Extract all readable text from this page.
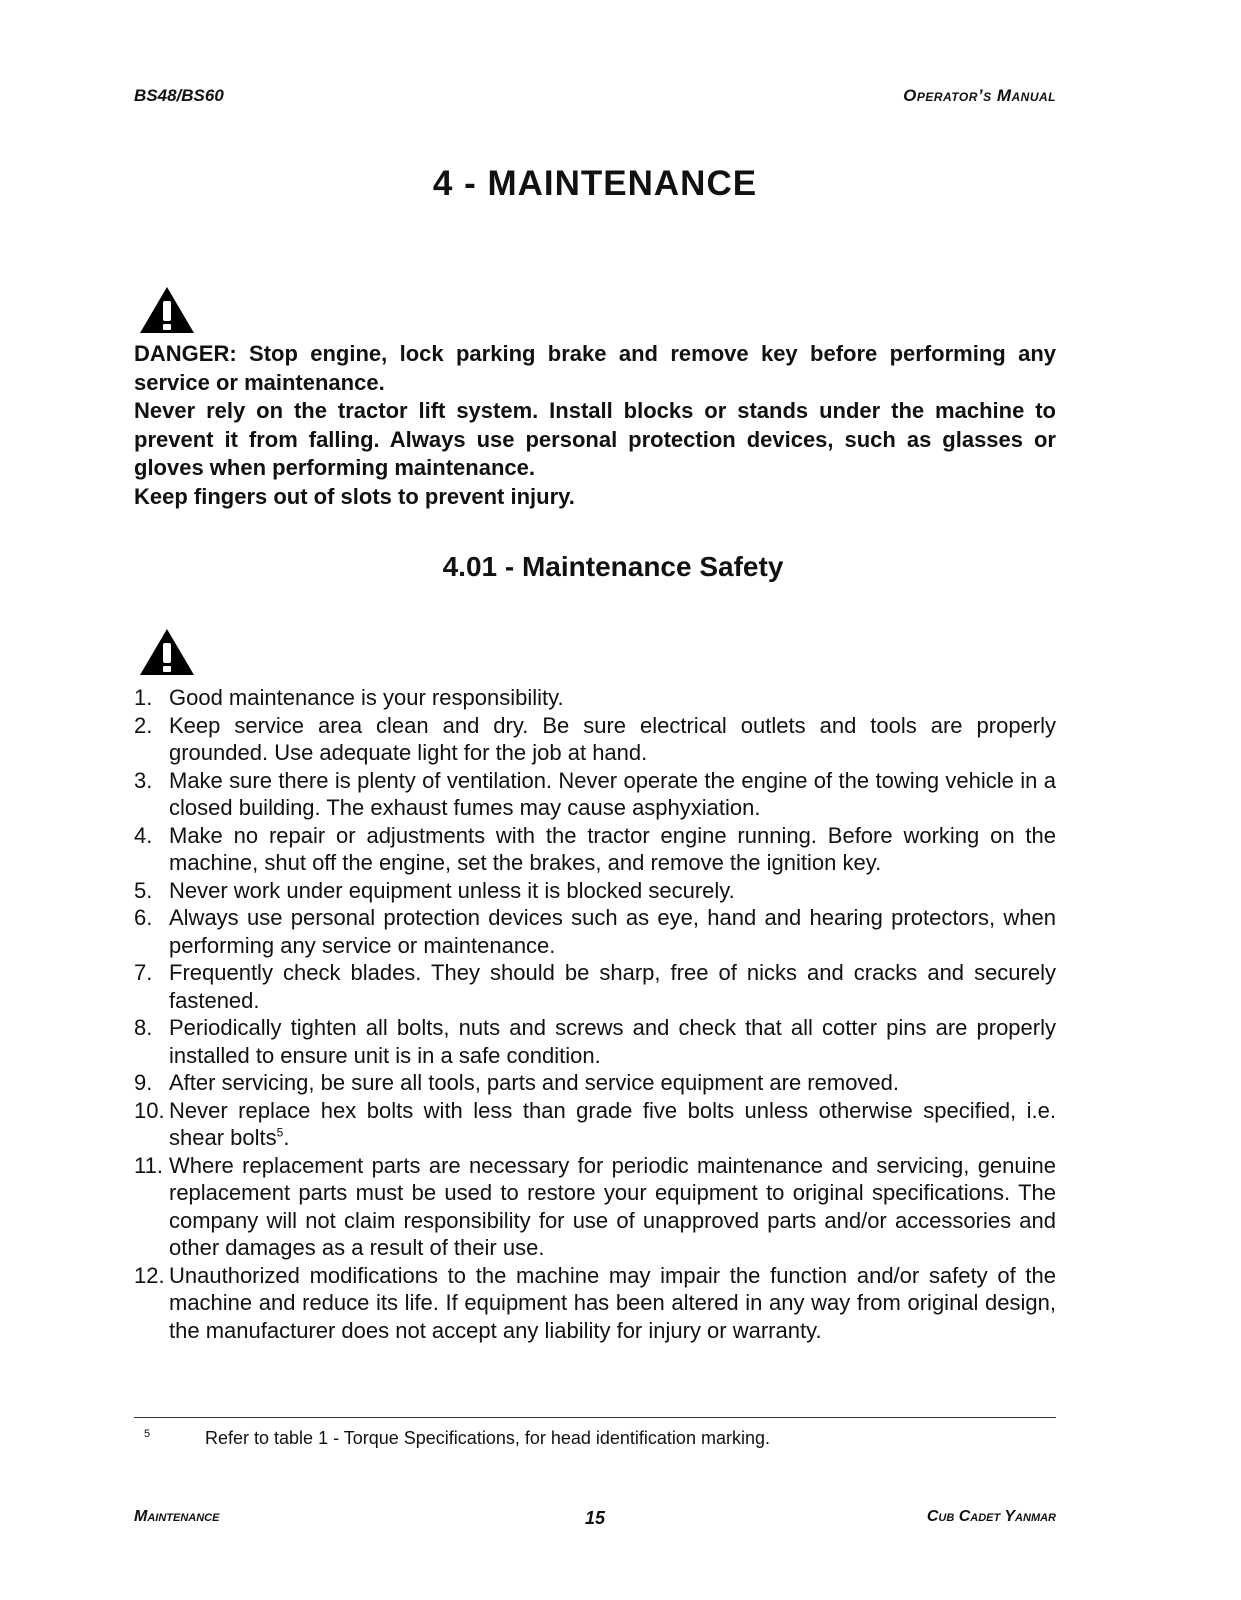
BS48/BS60	Operator’s Manual
4 - MAINTENANCE

DANGER: Stop engine, lock parking brake and remove key before performing any service or maintenance.

Never rely on the tractor lift system. Install blocks or stands under the machine to prevent it from falling. Always use personal protection devices, such as glasses or gloves when performing maintenance.

Keep fingers out of slots to prevent injury.

4.01 - Maintenance Safety
1. Good maintenance is your responsibility.
2. Keep service area clean and dry. Be sure electrical outlets and tools are properly grounded. Use adequate light for the job at hand.
3. Make sure there is plenty of ventilation. Never operate the engine of the towing vehicle in a closed building. The exhaust fumes may cause asphyxiation.
4. Make no repair or adjustments with the tractor engine running. Before working on the machine, shut off the engine, set the brakes, and remove the ignition key.
5. Never work under equipment unless it is blocked securely.
6. Always use personal protection devices such as eye, hand and hearing protectors, when performing any service or maintenance.
7. Frequently check blades. They should be sharp, free of nicks and cracks and securely fastened.
8. Periodically tighten all bolts, nuts and screws and check that all cotter pins are properly installed to ensure unit is in a safe condition.
9. After servicing, be sure all tools, parts and service equipment are removed.
10. Never replace hex bolts with less than grade five bolts unless otherwise specified, i.e. shear bolts$^5$.
11. Where replacement parts are necessary for periodic maintenance and servicing, genuine replacement parts must be used to restore your equipment to original specifications. The company will not claim responsibility for use of unapproved parts and/or accessories and other damages as a result of their use.
12. Unauthorized modifications to the machine may impair the function and/or safety of the machine and reduce its life. If equipment has been altered in any way from original design, the manufacturer does not accept any liability for injury or warranty.
5	Refer to table 1 - Torque Specifications, for head identification marking.
Maintenance	15	Cub Cadet Yanmar
